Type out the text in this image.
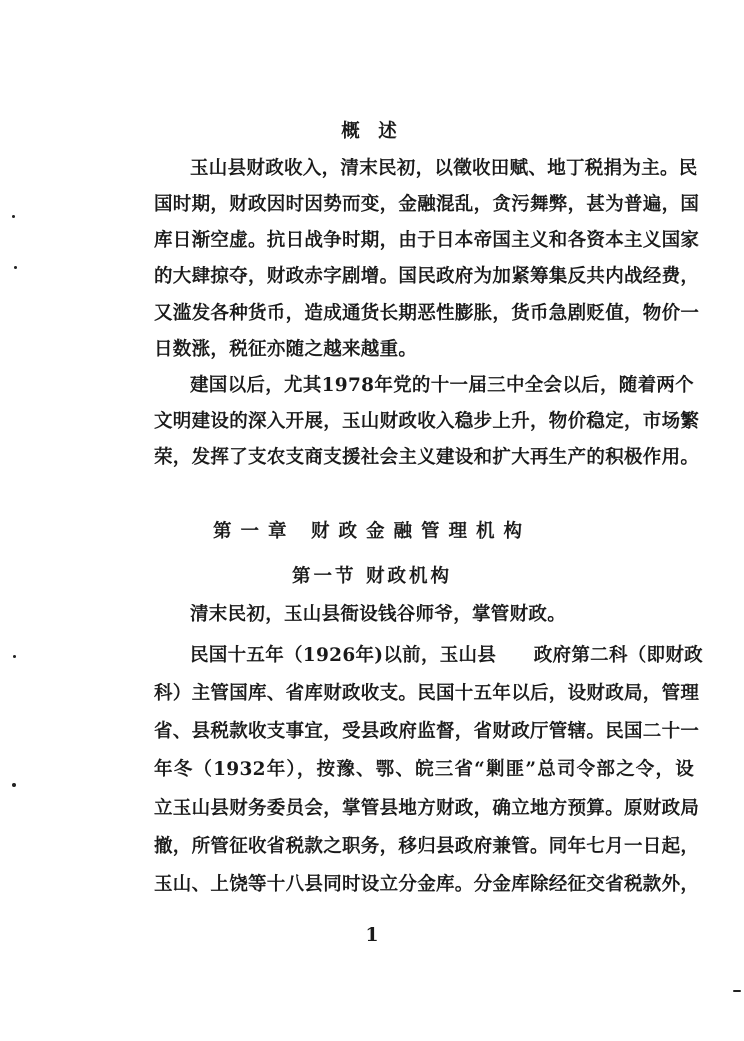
概 述
玉山县财政收入，清末民初，以徵收田赋、地丁税捐为主。民
国时期，财政因时因势而变，金融混乱，贪污舞弊，甚为普遍，国
库日渐空虚。抗日战争时期，由于日本帝国主义和各资本主义国家
的大肆掠夺，财政赤字剧增。国民政府为加紧筹集反共内战经费，
又滥发各种货币，造成通货长期恶性膨胀，货币急剧贬值，物价一
日数涨，税征亦随之越来越重。
建国以后，尤其1978年党的十一届三中全会以后，随着两个
文明建设的深入开展，玉山财政收入稳步上升，物价稳定，市场繁
荣，发挥了支农支商支援社会主义建设和扩大再生产的积极作用。
第一章 财政金融管理机构
第一节 财政机构
清末民初，玉山县衙设钱谷师爷，掌管财政。
民国十五年（1926年)以前，玉山县　　政府第二科（即财政
科）主管国库、省库财政收支。民国十五年以后，设财政局，管理
省、县税款收支事宜，受县政府监督，省财政厅管辖。民国二十一
年冬（1932年），按豫、鄂、皖三省“剿匪”总司令部之令，设
立玉山县财务委员会，掌管县地方财政，确立地方预算。原财政局
撤，所管征收省税款之职务，移归县政府兼管。同年七月一日起，
玉山、上饶等十八县同时设立分金库。分金库除经征交省税款外，
1
